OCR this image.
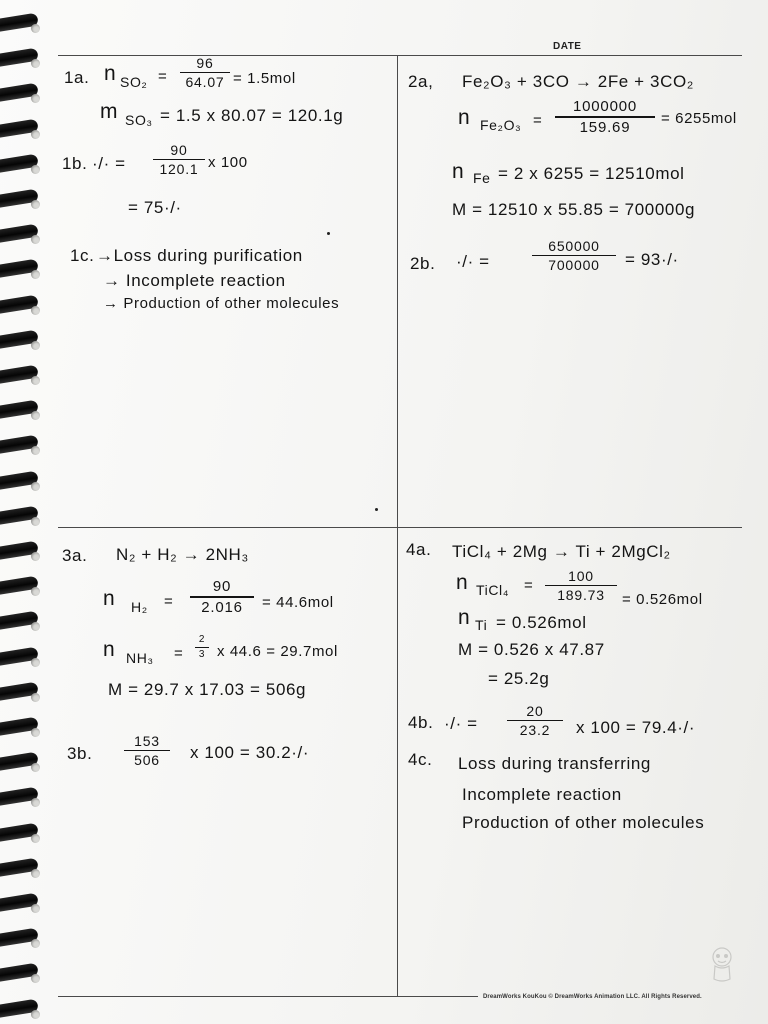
DATE
1a. n SO₂ =
96
64.07 = 1.5mol
m SO₃ = 1.5 x 80.07 = 120.1g
1b. ·/· =
90
120.1 x 100
= 75·/·
1c. →Loss during purification
→ Incomplete reaction
→ Production of other molecules
2a, Fe₂O₃ + 3CO → 2Fe + 3CO₂
n Fe₂O₃ =
1000000
159.69
= 6255mol
n Fe = 2 x 6255 = 12510mol
M = 12510 x 55.85 = 700000g
2b. ·/· =
650000
700000	= 93·/·
3a. N₂ + H₂ → 2NH₃
n H₂ =
90
2.016	= 44.6mol
n NH₃ =
2
3 x 44.6 = 29.7mol
M = 29.7 x 17.03 = 506g
3b.
153
506	x 100 = 30.2·/·
4a. TiCl₄ + 2Mg → Ti + 2MgCl₂
n TiCl₄ =
100
189.73	= 0.526mol
n Ti = 0.526mol
M = 0.526 x 47.87
= 25.2g
4b. ·/· =
20
23.2	x 100 = 79.4·/·
4c. Loss during transferring
Incomplete reaction
Production of other molecules
DreamWorks KouKou © DreamWorks Animation LLC. All Rights Reserved.
